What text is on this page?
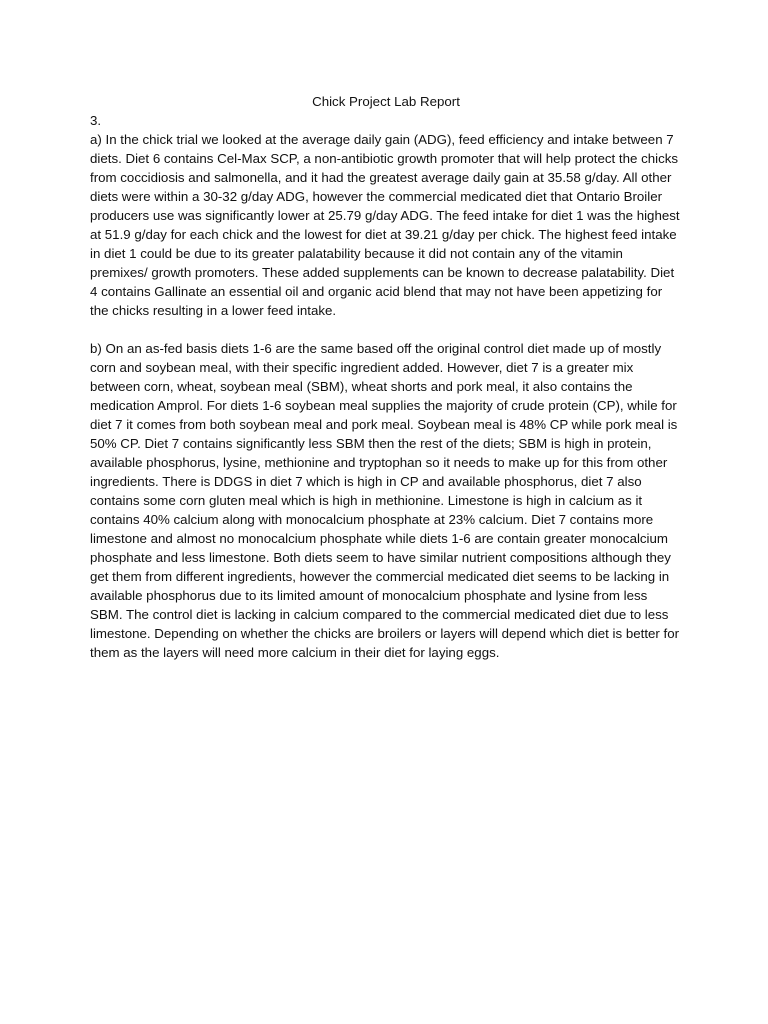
Chick Project Lab Report

3.

a) In the chick trial we looked at the average daily gain (ADG), feed efficiency and intake between 7 diets. Diet 6 contains Cel-Max SCP, a non-antibiotic growth promoter that will help protect the chicks from coccidiosis and salmonella, and it had the greatest average daily gain at 35.58 g/day. All other diets were within a 30-32 g/day ADG, however the commercial medicated diet that Ontario Broiler producers use was significantly lower at 25.79 g/day ADG. The feed intake for diet 1 was the highest at 51.9 g/day for each chick and the lowest for diet at 39.21 g/day per chick. The highest feed intake in diet 1 could be due to its greater palatability because it did not contain any of the vitamin premixes/ growth promoters. These added supplements can be known to decrease palatability. Diet 4 contains Gallinate an essential oil and organic acid blend that may not have been appetizing for the chicks resulting in a lower feed intake.

b) On an as-fed basis diets 1-6 are the same based off the original control diet made up of mostly corn and soybean meal, with their specific ingredient added. However, diet 7 is a greater mix between corn, wheat, soybean meal (SBM), wheat shorts and pork meal, it also contains the medication Amprol. For diets 1-6 soybean meal supplies the majority of crude protein (CP), while for diet 7 it comes from both soybean meal and pork meal. Soybean meal is 48% CP while pork meal is 50% CP. Diet 7 contains significantly less SBM then the rest of the diets; SBM is high in protein, available phosphorus, lysine, methionine and tryptophan so it needs to make up for this from other ingredients. There is DDGS in diet 7 which is high in CP and available phosphorus, diet 7 also contains some corn gluten meal which is high in methionine. Limestone is high in calcium as it contains 40% calcium along with monocalcium phosphate at 23% calcium. Diet 7 contains more limestone and almost no monocalcium phosphate while diets 1-6 are contain greater monocalcium phosphate and less limestone. Both diets seem to have similar nutrient compositions although they get them from different ingredients, however the commercial medicated diet seems to be lacking in available phosphorus due to its limited amount of monocalcium phosphate and lysine from less SBM. The control diet is lacking in calcium compared to the commercial medicated diet due to less limestone. Depending on whether the chicks are broilers or layers will depend which diet is better for them as the layers will need more calcium in their diet for laying eggs.
